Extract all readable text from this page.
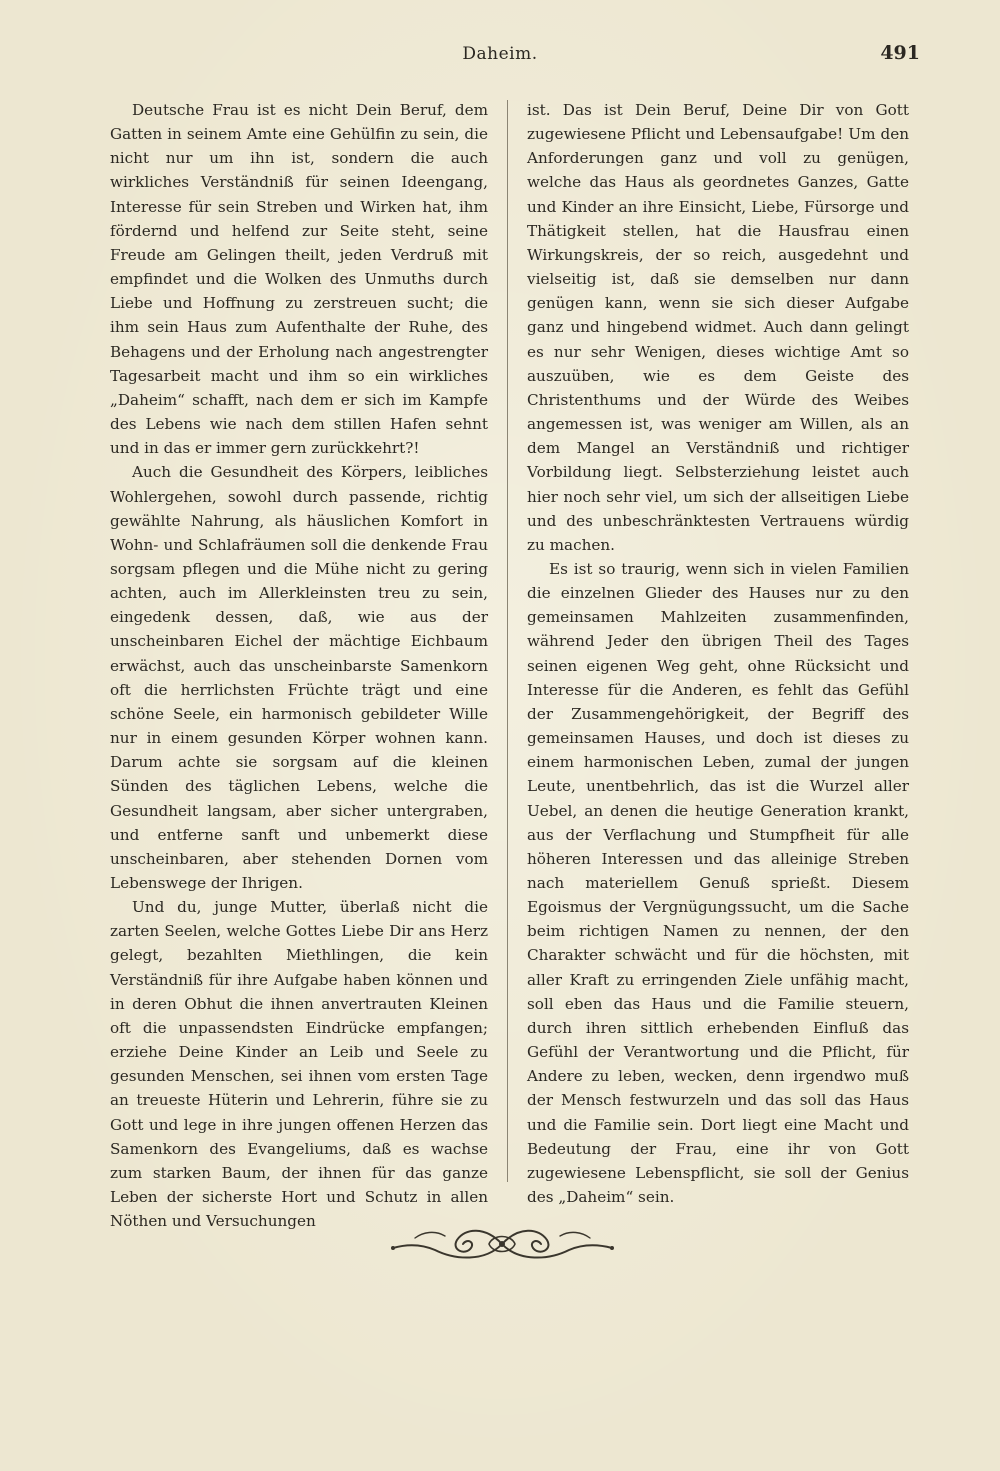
Daheim.	491

Deutsche Frau ist es nicht Dein Beruf, dem Gatten in seinem Amte eine Gehülfin zu sein, die nicht nur um ihn ist, sondern die auch wirkliches Verständniß für seinen Ideengang, Interesse für sein Streben und Wirken hat, ihm fördernd und helfend zur Seite steht, seine Freude am Gelingen theilt, jeden Verdruß mit empfindet und die Wolken des Unmuths durch Liebe und Hoffnung zu zerstreuen sucht; die ihm sein Haus zum Aufenthalte der Ruhe, des Behagens und der Erholung nach angestrengter Tagesarbeit macht und ihm so ein wirkliches „Daheim“ schafft, nach dem er sich im Kampfe des Lebens wie nach dem stillen Hafen sehnt und in das er immer gern zurückkehrt?!

Auch die Gesundheit des Körpers, leibliches Wohlergehen, sowohl durch passende, richtig gewählte Nahrung, als häuslichen Komfort in Wohn- und Schlafräumen soll die denkende Frau sorgsam pflegen und die Mühe nicht zu gering achten, auch im Allerkleinsten treu zu sein, eingedenk dessen, daß, wie aus der unscheinbaren Eichel der mächtige Eichbaum erwächst, auch das unscheinbarste Samenkorn oft die herrlichsten Früchte trägt und eine schöne Seele, ein harmonisch gebildeter Wille nur in einem gesunden Körper wohnen kann. Darum achte sie sorgsam auf die kleinen Sünden des täglichen Lebens, welche die Gesundheit langsam, aber sicher untergraben, und entferne sanft und unbemerkt diese unscheinbaren, aber stehenden Dornen vom Lebenswege der Ihrigen.

Und du, junge Mutter, überlaß nicht die zarten Seelen, welche Gottes Liebe Dir ans Herz gelegt, bezahlten Miethlingen, die kein Verständniß für ihre Aufgabe haben können und in deren Obhut die ihnen anvertrauten Kleinen oft die unpassendsten Eindrücke empfangen; erziehe Deine Kinder an Leib und Seele zu gesunden Menschen, sei ihnen vom ersten Tage an treueste Hüterin und Lehrerin, führe sie zu Gott und lege in ihre jungen offenen Herzen das Samenkorn des Evangeliums, daß es wachse zum starken Baum, der ihnen für das ganze Leben der sicherste Hort und Schutz in allen Nöthen und Versuchungen

ist. Das ist Dein Beruf, Deine Dir von Gott zugewiesene Pflicht und Lebensaufgabe! Um den Anforderungen ganz und voll zu genügen, welche das Haus als geordnetes Ganzes, Gatte und Kinder an ihre Einsicht, Liebe, Fürsorge und Thätigkeit stellen, hat die Hausfrau einen Wirkungskreis, der so reich, ausgedehnt und vielseitig ist, daß sie demselben nur dann genügen kann, wenn sie sich dieser Aufgabe ganz und hingebend widmet. Auch dann gelingt es nur sehr Wenigen, dieses wichtige Amt so auszuüben, wie es dem Geiste des Christenthums und der Würde des Weibes angemessen ist, was weniger am Willen, als an dem Mangel an Verständniß und richtiger Vorbildung liegt. Selbsterziehung leistet auch hier noch sehr viel, um sich der allseitigen Liebe und des unbeschränktesten Vertrauens würdig zu machen.

Es ist so traurig, wenn sich in vielen Familien die einzelnen Glieder des Hauses nur zu den gemeinsamen Mahlzeiten zusammenfinden, während Jeder den übrigen Theil des Tages seinen eigenen Weg geht, ohne Rücksicht und Interesse für die Anderen, es fehlt das Gefühl der Zusammengehörigkeit, der Begriff des gemeinsamen Hauses, und doch ist dieses zu einem harmonischen Leben, zumal der jungen Leute, unentbehrlich, das ist die Wurzel aller Uebel, an denen die heutige Generation krankt, aus der Verflachung und Stumpfheit für alle höheren Interessen und das alleinige Streben nach materiellem Genuß sprießt. Diesem Egoismus der Vergnügungssucht, um die Sache beim richtigen Namen zu nennen, der den Charakter schwächt und für die höchsten, mit aller Kraft zu erringenden Ziele unfähig macht, soll eben das Haus und die Familie steuern, durch ihren sittlich erhebenden Einfluß das Gefühl der Verantwortung und die Pflicht, für Andere zu leben, wecken, denn irgendwo muß der Mensch festwurzeln und das soll das Haus und die Familie sein. Dort liegt eine Macht und Bedeutung der Frau, eine ihr von Gott zugewiesene Lebenspflicht, sie soll der Genius des „Daheim“ sein.
